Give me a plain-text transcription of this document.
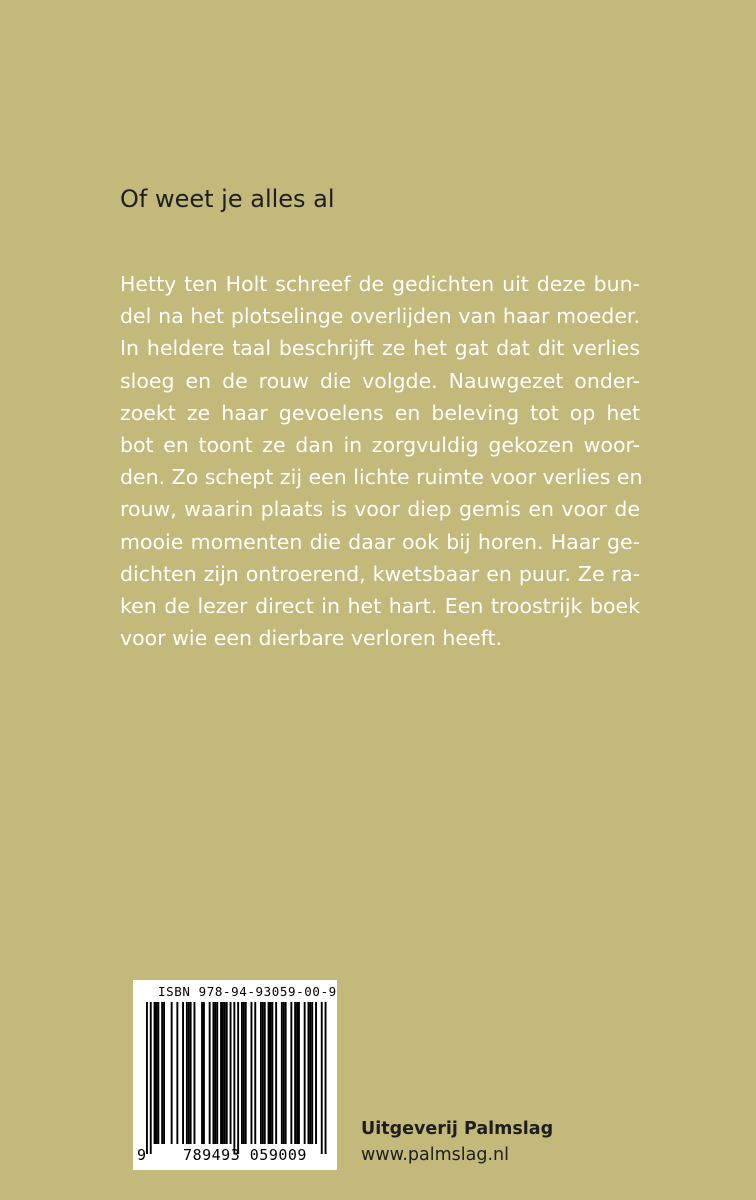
Of weet je alles al
Hetty ten Holt schreef de gedichten uit deze bun-
del na het plotselinge overlijden van haar moeder.
In heldere taal beschrijft ze het gat dat dit verlies
sloeg en de rouw die volgde. Nauwgezet onder-
zoekt ze haar gevoelens en beleving tot op het
bot en toont ze dan in zorgvuldig gekozen woor-
den. Zo schept zij een lichte ruimte voor verlies en
rouw, waarin plaats is voor diep gemis en voor de
mooie momenten die daar ook bij horen. Haar ge-
dichten zijn ontroerend, kwetsbaar en puur. Ze ra-
ken de lezer direct in het hart. Een troostrijk boek
voor wie een dierbare verloren heeft.
ISBN 978-94-93059-00-9
9	789493 059009

Uitgeverij Palmslag

www.palmslag.nl
